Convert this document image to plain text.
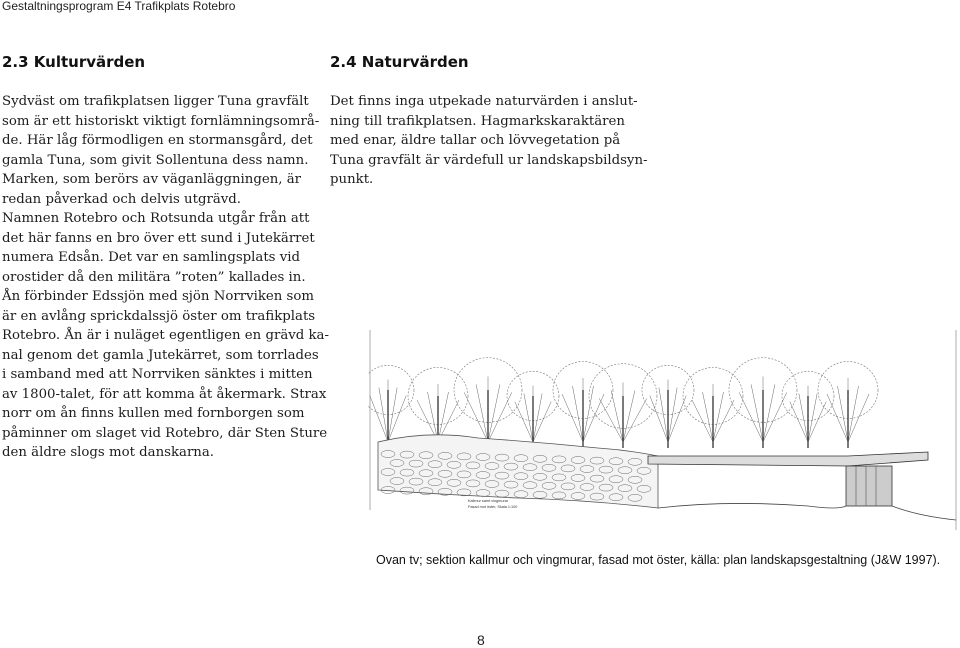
Gestaltningsprogram E4 Trafikplats Rotebro
2.3 Kulturvärden
Sydväst om trafikplatsen ligger Tuna gravfält
som är ett historiskt viktigt fornlämningsområ-
de. Här låg förmodligen en stormansgård, det
gamla Tuna, som givit Sollentuna dess namn.
Marken, som berörs av väganläggningen, är
redan påverkad och delvis utgrävd.
Namnen Rotebro och Rotsunda utgår från att
det här fanns en bro över ett sund i Jutekärret
numera Edsån. Det var en samlingsplats vid
orostider då den militära ”roten” kallades in.
Ån förbinder Edssjön med sjön Norrviken som
är en avlång sprickdalssjö öster om trafikplats
Rotebro. Ån är i nuläget egentligen en grävd ka-
nal genom det gamla Jutekärret, som torrlades
i samband med att Norrviken sänktes i mitten
av 1800-talet, för att komma åt åkermark. Strax
norr om ån finns kullen med fornborgen som
påminner om slaget vid Rotebro, där Sten Sture
den äldre slogs mot danskarna.
2.4 Naturvärden
Det finns inga utpekade naturvärden i anslut-
ning till trafikplatsen. Hagmarkskaraktären
med enar, äldre tallar och lövvegetation på
Tuna gravfält är värdefull ur landskapsbildsyn-
punkt.
Kallmur samt vingmurar
Fasad mot öster, Skala 1:100
Ovan tv; sektion kallmur och vingmurar, fasad mot öster, källa: plan landskapsgestaltning (J&W 1997).
8
